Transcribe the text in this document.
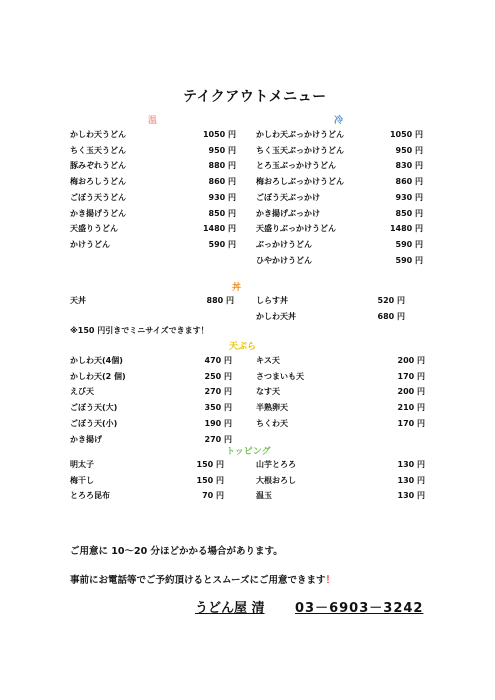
テイクアウトメニュー
温	冷
かしわ天うどん	1050 円
ちく玉天うどん	950 円
豚みぞれうどん	880 円
梅おろしうどん	860 円
ごぼう天うどん	930 円
かき揚げうどん	850 円
天盛りうどん	1480 円
かけうどん	590 円
かしわ天ぶっかけうどん	1050 円
ちく玉天ぶっかけうどん	950 円
とろ玉ぶっかけうどん	830 円
梅おろしぶっかけうどん	860 円
ごぼう天ぶっかけ	930 円
かき揚げぶっかけ	850 円
天盛りぶっかけうどん	1480 円
ぶっかけうどん	590 円
ひやかけうどん	590 円
丼
天丼	880 円	しらす丼	520 円
かしわ天丼	680 円
※150 円引きでミニサイズできます！
天ぷら
かしわ天(4個)	470 円
かしわ天(2 個)	250 円
えび天	270 円
ごぼう天(大)	350 円
ごぼう天(小)	190 円
かき揚げ	270 円
キス天	200 円
さつまいも天	170 円
なす天	200 円
半熟卵天	210 円
ちくわ天	170 円
トッピング
明太子	150 円
梅干し	150 円
とろろ昆布	70 円
山芋とろろ	130 円
大根おろし	130 円
温玉	130 円
ご用意に 10～20 分ほどかかる場合があります。
事前にお電話等でご予約頂けるとスムーズにご用意できます！
うどん屋 清 03－6903－3242
